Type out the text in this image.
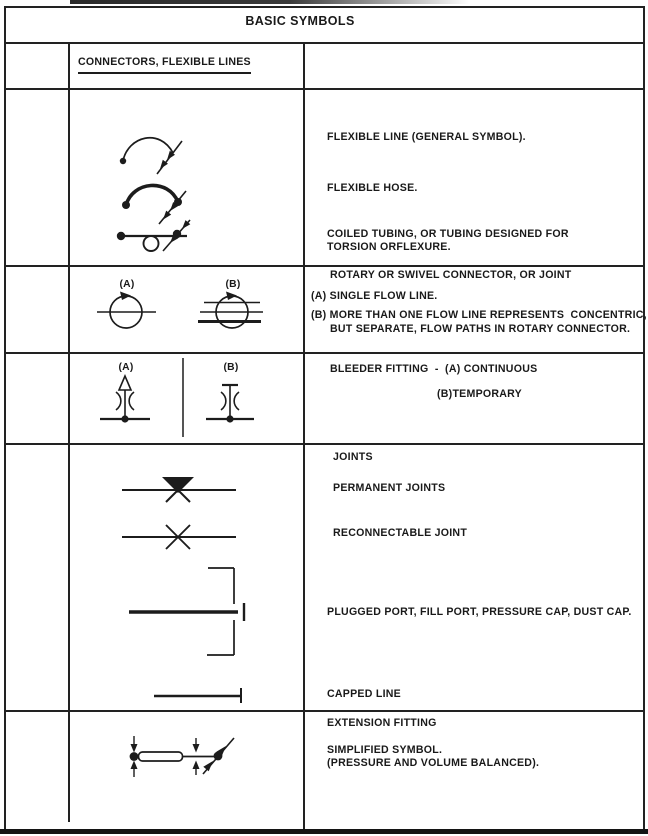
BASIC SYMBOLS
CONNECTORS, FLEXIBLE LINES
FLEXIBLE LINE (GENERAL SYMBOL).
FLEXIBLE HOSE.
COILED TUBING, OR TUBING DESIGNED FOR
TORSION ORFLEXURE.
ROTARY OR SWIVEL CONNECTOR, OR JOINT
(A) SINGLE FLOW LINE.
(B) MORE THAN ONE FLOW LINE REPRESENTS  CONCENTRIC,
BUT SEPARATE, FLOW PATHS IN ROTARY CONNECTOR.
BLEEDER FITTING  -  (A) CONTINUOUS
(B)TEMPORARY
JOINTS
PERMANENT JOINTS
RECONNECTABLE JOINT
PLUGGED PORT, FILL PORT, PRESSURE CAP, DUST CAP.
CAPPED LINE
EXTENSION FITTING
SIMPLIFIED SYMBOL.
(PRESSURE AND VOLUME BALANCED).
(A)	(B)
(A)	(B)
